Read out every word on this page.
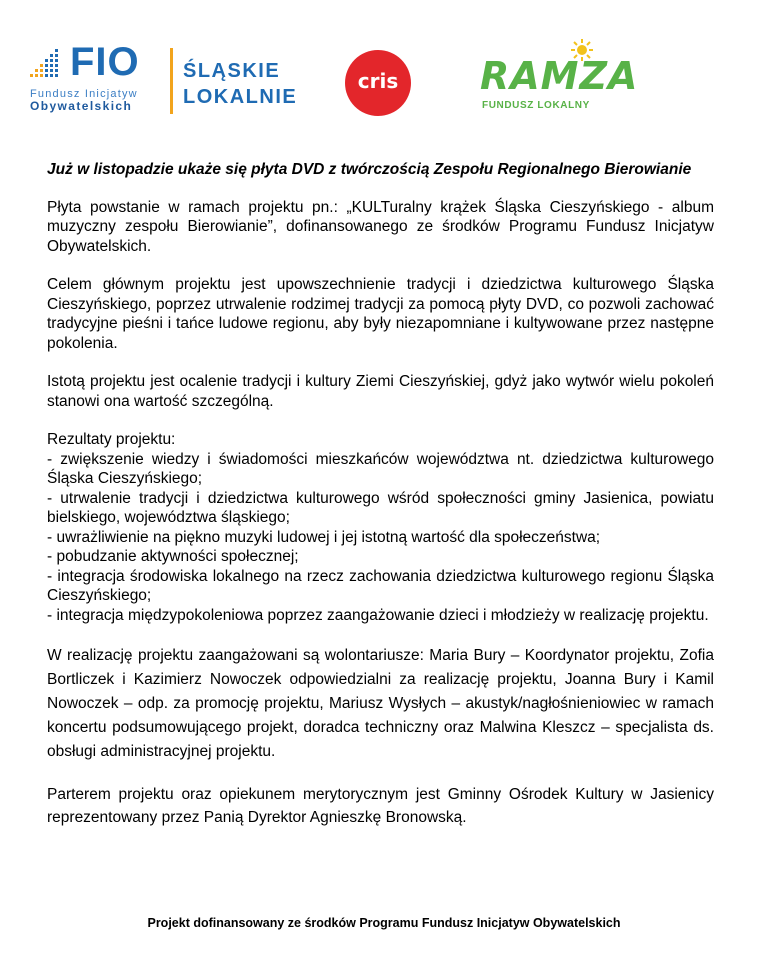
FIO
Fundusz Inicjatyw
Obywatelskich
ŚLĄSKIE
LOKALNIE
cris	RAMZA
FUNDUSZ LOKALNY

Już w listopadzie ukaże się płyta DVD z twórczością Zespołu Regionalnego Bierowianie

Płyta powstanie w ramach projektu pn.: „KULTuralny krążek Śląska Cieszyńskiego - album muzyczny zespołu Bierowianie”, dofinansowanego ze środków Programu Fundusz Inicjatyw Obywatelskich.

Celem głównym projektu jest upowszechnienie tradycji i dziedzictwa kulturowego Śląska Cieszyńskiego, poprzez utrwalenie rodzimej tradycji za pomocą płyty DVD, co pozwoli zachować tradycyjne pieśni i tańce ludowe regionu, aby były niezapomniane i kultywowane przez następne pokolenia.

Istotą projektu jest ocalenie tradycji i kultury Ziemi Cieszyńskiej, gdyż jako wytwór wielu pokoleń stanowi ona wartość szczególną.

Rezultaty projektu:

- zwiększenie wiedzy i świadomości mieszkańców województwa nt. dziedzictwa kulturowego Śląska Cieszyńskiego;
- utrwalenie tradycji i dziedzictwa kulturowego wśród społeczności gminy Jasienica, powiatu bielskiego, województwa śląskiego;
- uwrażliwienie na piękno muzyki ludowej i jej istotną wartość dla społeczeństwa;
- pobudzanie aktywności społecznej;
- integracja środowiska lokalnego na rzecz zachowania dziedzictwa kulturowego regionu Śląska Cieszyńskiego;
- integracja międzypokoleniowa poprzez zaangażowanie dzieci i młodzieży w realizację projektu.

W realizację projektu zaangażowani są wolontariusze: Maria Bury – Koordynator projektu, Zofia Bortliczek i Kazimierz Nowoczek odpowiedzialni za realizację projektu, Joanna Bury i Kamil Nowoczek – odp. za promocję projektu, Mariusz Wysłych – akustyk/nagłośnieniowiec w ramach koncertu podsumowującego projekt, doradca techniczny oraz Malwina Kleszcz – specjalista ds. obsługi administracyjnej projektu.

Parterem projektu oraz opiekunem merytorycznym jest Gminny Ośrodek Kultury w Jasienicy reprezentowany przez Panią Dyrektor Agnieszkę Bronowską.

Projekt dofinansowany ze środków Programu Fundusz Inicjatyw Obywatelskich
